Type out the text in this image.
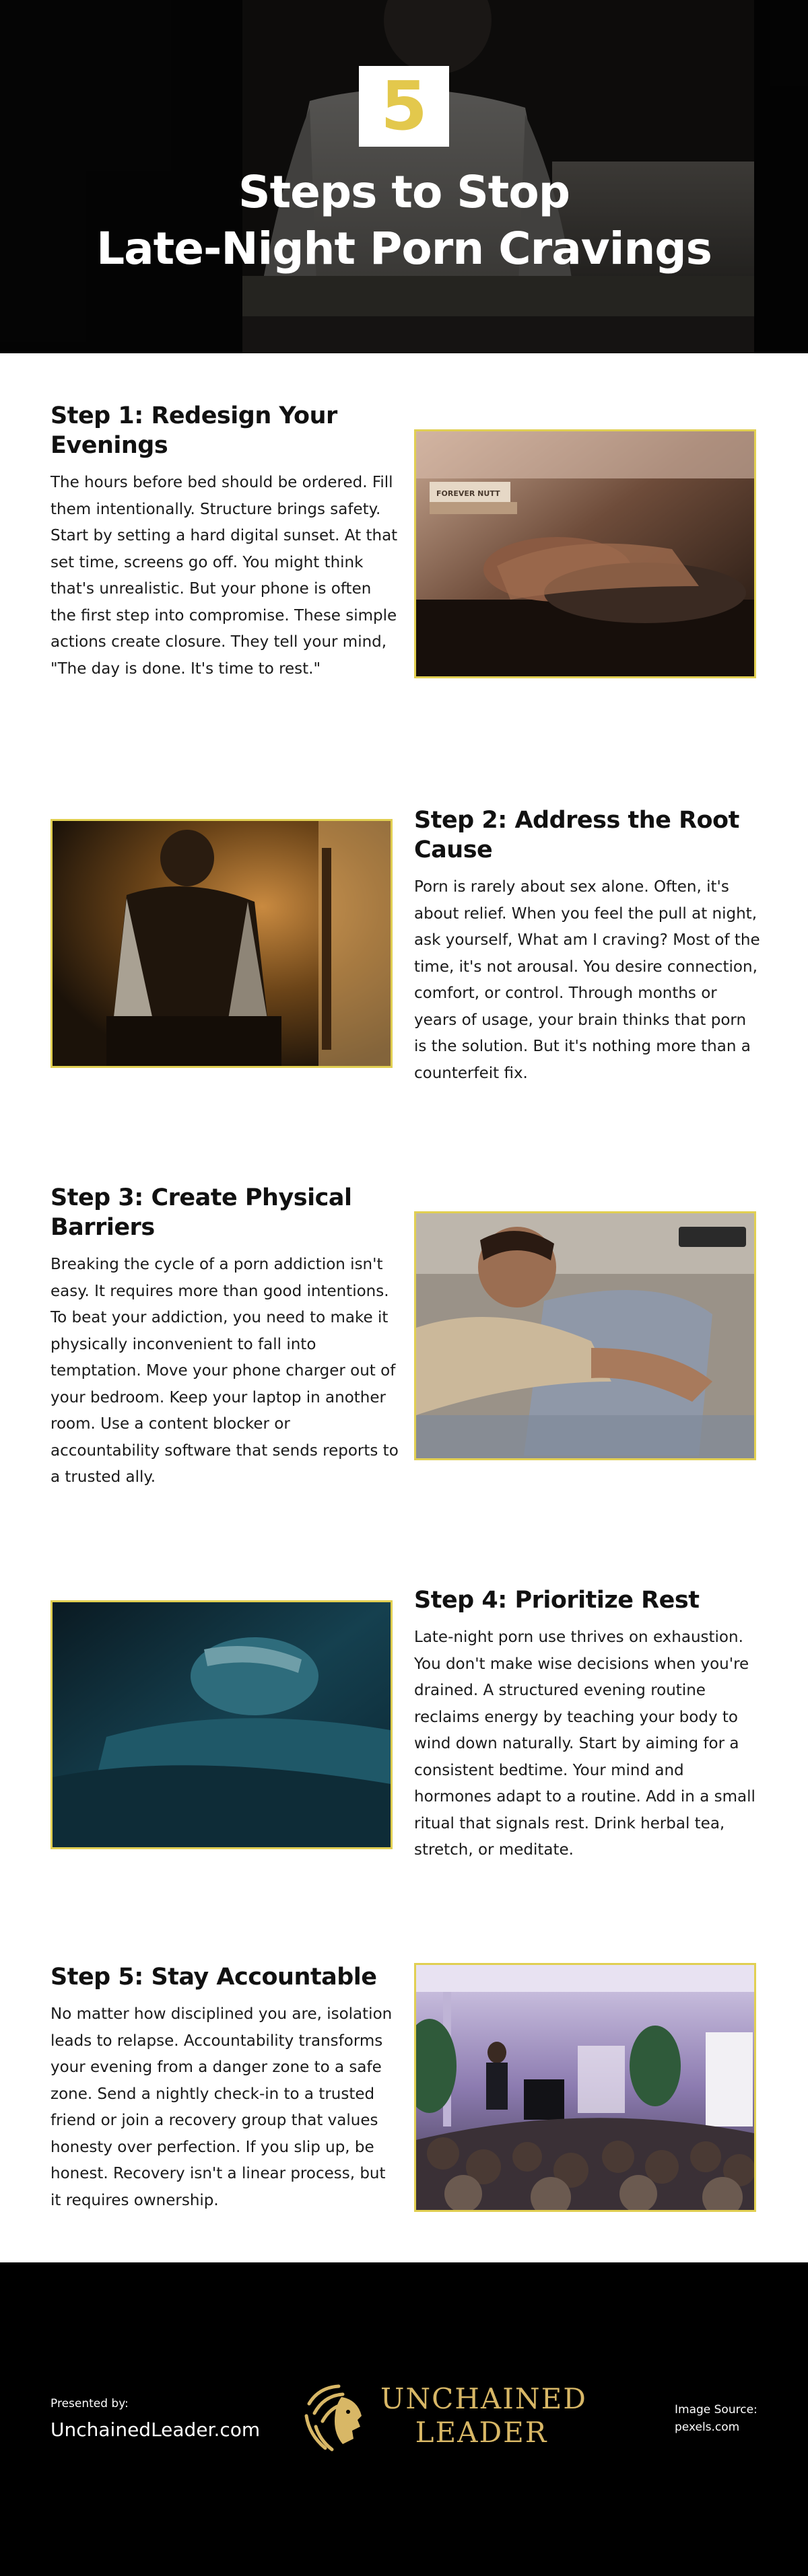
5
Steps to Stop
Late-Night Porn Cravings
Step 1: Redesign Your Evenings

The hours before bed should be ordered. Fill them intentionally. Structure brings safety. Start by setting a hard digital sunset. At that set time, screens go off. You might think that's unrealistic. But your phone is often the first step into compromise. These simple actions create closure. They tell your mind, "The day is done. It's time to rest."

FOREVER NUTT
Step 2: Address the Root Cause

Porn is rarely about sex alone. Often, it's about relief. When you feel the pull at night, ask yourself, What am I craving? Most of the time, it's not arousal. You desire connection, comfort, or control. Through months or years of usage, your brain thinks that porn is the solution. But it's nothing more than a counterfeit fix.

Step 3: Create Physical Barriers

Breaking the cycle of a porn addiction isn't easy. It requires more than good intentions. To beat your addiction, you need to make it physically inconvenient to fall into temptation. Move your phone charger out of your bedroom. Keep your laptop in another room. Use a content blocker or accountability software that sends reports to a trusted ally.

Step 4: Prioritize Rest

Late-night porn use thrives on exhaustion. You don't make wise decisions when you're drained. A structured evening routine reclaims energy by teaching your body to wind down naturally. Start by aiming for a consistent bedtime. Your mind and hormones adapt to a routine. Add in a small ritual that signals rest. Drink herbal tea, stretch, or meditate.

Step 5: Stay Accountable

No matter how disciplined you are, isolation leads to relapse. Accountability transforms your evening from a danger zone to a safe zone. Send a nightly check-in to a trusted friend or join a recovery group that values honesty over perfection. If you slip up, be honest. Recovery isn't a linear process, but it requires ownership.

Presented by:
UnchainedLeader.com
UNCHAINED
LEADER
Image Source:
pexels.com
